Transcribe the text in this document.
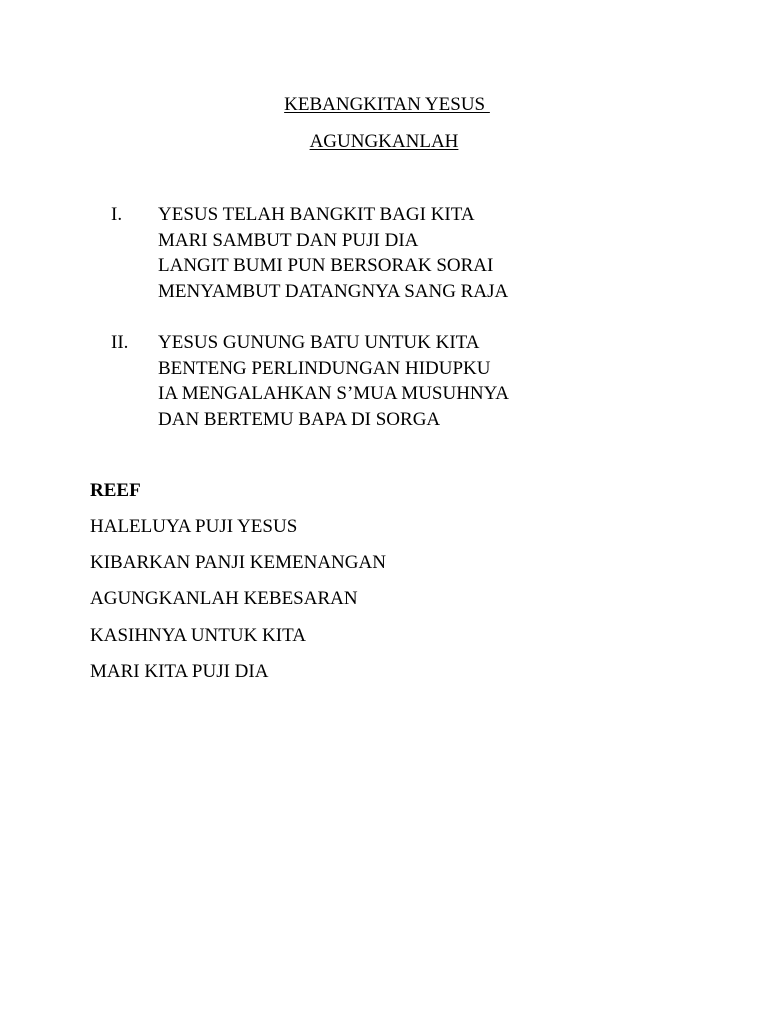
KEBANGKITAN YESUS
AGUNGKANLAH
I. YESUS TELAH BANGKIT BAGI KITA
MARI SAMBUT DAN PUJI DIA
LANGIT BUMI PUN BERSORAK SORAI
MENYAMBUT DATANGNYA SANG RAJA
II. YESUS GUNUNG BATU UNTUK KITA
BENTENG PERLINDUNGAN HIDUPKU
IA MENGALAHKAN S’MUA MUSUHNYA
DAN BERTEMU BAPA DI SORGA
REEF
HALELUYA PUJI YESUS
KIBARKAN PANJI KEMENANGAN
AGUNGKANLAH KEBESARAN
KASIHNYA UNTUK KITA
MARI KITA PUJI DIA
